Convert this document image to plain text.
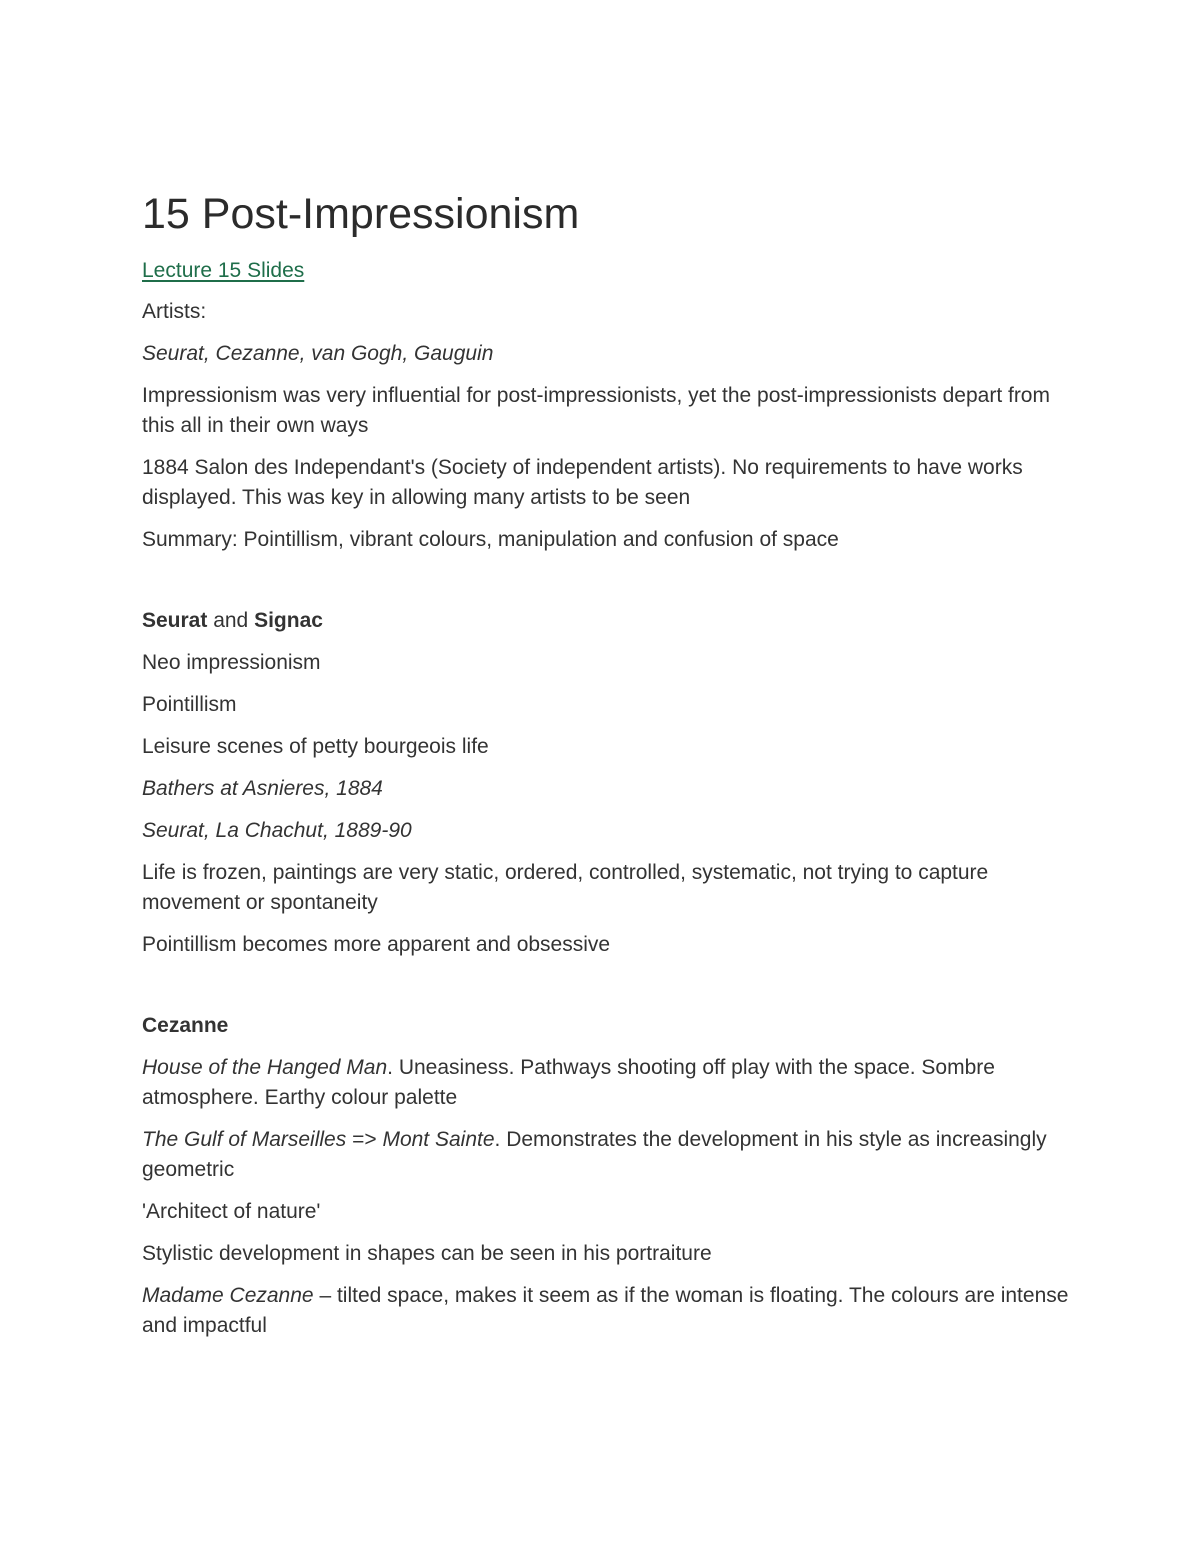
15 Post-Impressionism
Lecture 15 Slides

Artists:

Seurat, Cezanne, van Gogh, Gauguin

Impressionism was very influential for post-impressionists, yet the post-impressionists depart from this all in their own ways

1884 Salon des Independant's (Society of independent artists). No requirements to have works displayed. This was key in allowing many artists to be seen

Summary: Pointillism, vibrant colours, manipulation and confusion of space

Seurat and Signac

Neo impressionism

Pointillism

Leisure scenes of petty bourgeois life

Bathers at Asnieres, 1884

Seurat, La Chachut, 1889-90

Life is frozen, paintings are very static, ordered, controlled, systematic, not trying to capture movement or spontaneity

Pointillism becomes more apparent and obsessive

Cezanne

House of the Hanged Man. Uneasiness. Pathways shooting off play with the space. Sombre atmosphere. Earthy colour palette

The Gulf of Marseilles => Mont Sainte. Demonstrates the development in his style as increasingly geometric

'Architect of nature'

Stylistic development in shapes can be seen in his portraiture

Madame Cezanne – tilted space, makes it seem as if the woman is floating. The colours are intense and impactful
